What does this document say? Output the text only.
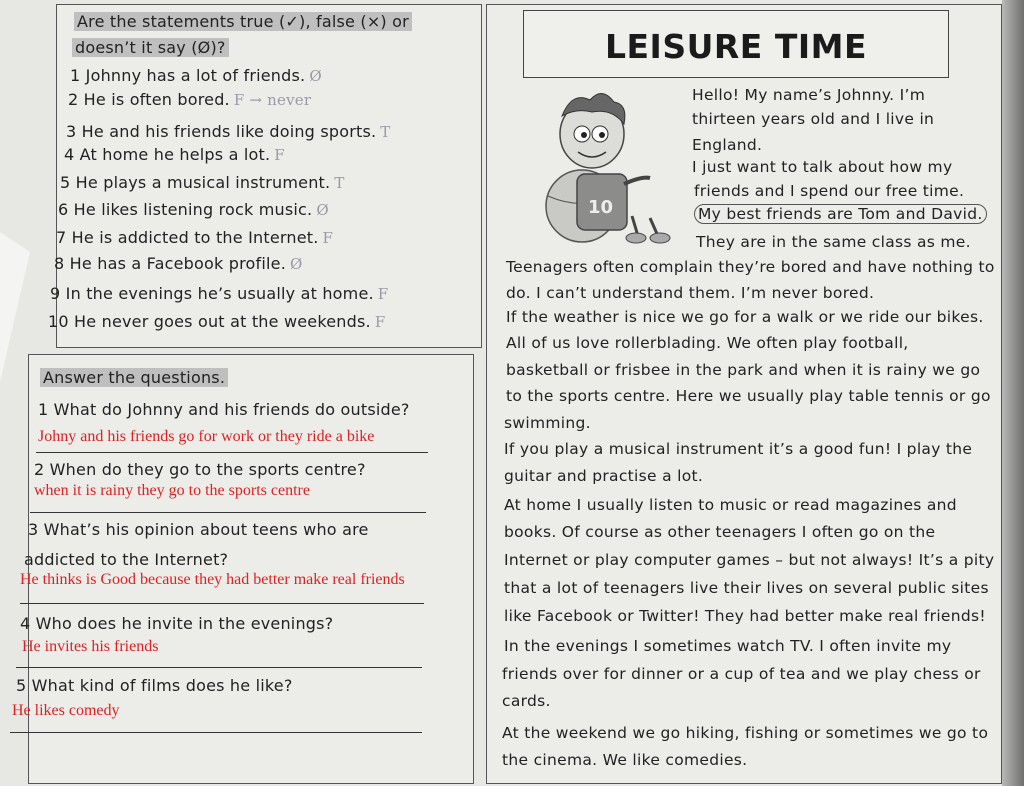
Are the statements true (✓), false (×) or
doesn’t it say (Ø)?
1 Johnny has a lot of friends. Ø
2 He is often bored. F → never
3 He and his friends like doing sports. T
4 At home he helps a lot. F
5 He plays a musical instrument. T
6 He likes listening rock music. Ø
7 He is addicted to the Internet. F
8 He has a Facebook profile. Ø
9 In the evenings he’s usually at home. F
10 He never goes out at the weekends. F
Answer the questions.
1 What do Johnny and his friends do outside?
Johny and his friends go for work or they ride a bike
2 When do they go to the sports centre?
when it is rainy they go to the sports centre
3 What’s his opinion about teens who are
addicted to the Internet?
He thinks is Good because they had better make real friends
4 Who does he invite in the evenings?
He invites his friends
5 What kind of films does he like?
He likes comedy
LEISURE TIME
10
Hello! My name’s Johnny. I’m
thirteen years old and I live in
England.
I just want to talk about how my
friends and I spend our free time.
My best friends are Tom and David.
They are in the same class as me.
Teenagers often complain they’re bored and have nothing to
do. I can’t understand them. I’m never bored.
If the weather is nice we go for a walk or we ride our bikes.
All of us love rollerblading. We often play football,
basketball or frisbee in the park and when it is rainy we go
to the sports centre. Here we usually play table tennis or go
swimming.
If you play a musical instrument it’s a good fun! I play the
guitar and practise a lot.
At home I usually listen to music or read magazines and
books. Of course as other teenagers I often go on the
Internet or play computer games – but not always! It’s a pity
that a lot of teenagers live their lives on several public sites
like Facebook or Twitter! They had better make real friends!
In the evenings I sometimes watch TV. I often invite my
friends over for dinner or a cup of tea and we play chess or
cards.
At the weekend we go hiking, fishing or sometimes we go to
the cinema. We like comedies.
